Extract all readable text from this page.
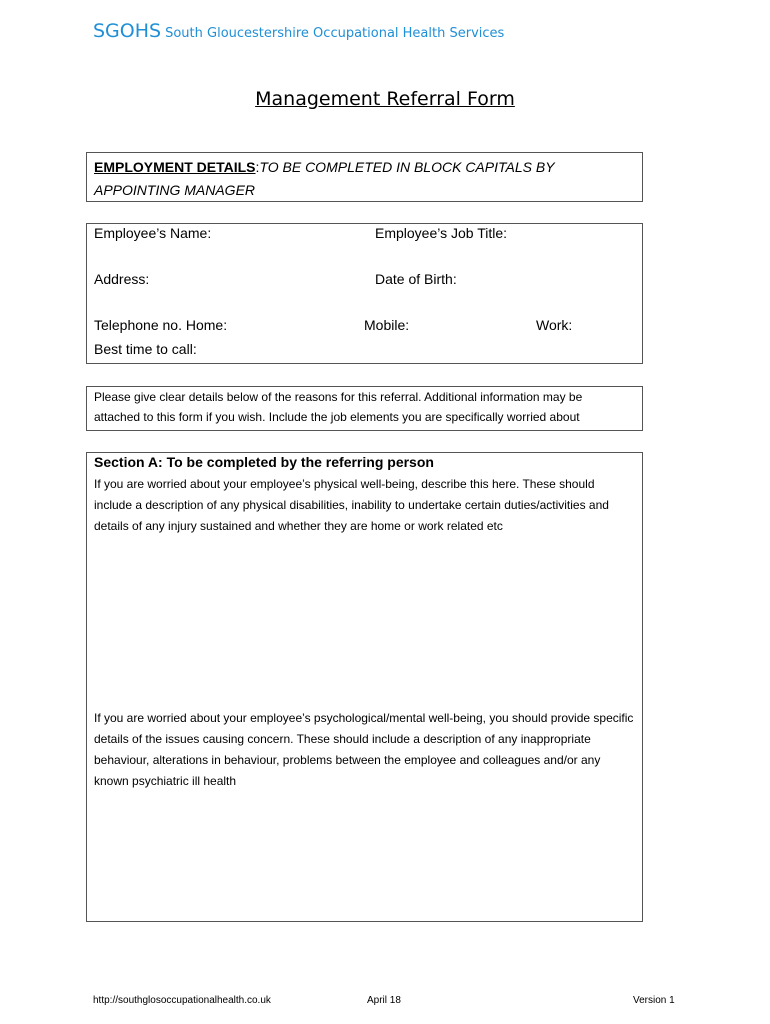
SGOHS South Gloucestershire Occupational Health Services
Management Referral Form
EMPLOYMENT DETAILS:TO BE COMPLETED IN BLOCK CAPITALS BY APPOINTING MANAGER
Employee’s Name:	Employee’s Job Title:
Address:	Date of Birth:
Telephone no. Home:	Mobile:	Work:
Best time to call:
Please give clear details below of the reasons for this referral. Additional information may be
attached to this form if you wish. Include the job elements you are specifically worried about
Section A: To be completed by the referring person
If you are worried about your employee’s physical well-being, describe this here. These should include a description of any physical disabilities, inability to undertake certain duties/activities and details of any injury sustained and whether they are home or work related etc
If you are worried about your employee’s psychological/mental well-being, you should provide specific details of the issues causing concern. These should include a description of any inappropriate behaviour, alterations in behaviour, problems between the employee and colleagues and/or any known psychiatric ill health
http://southglosoccupationalhealth.co.uk	April 18	Version 1
